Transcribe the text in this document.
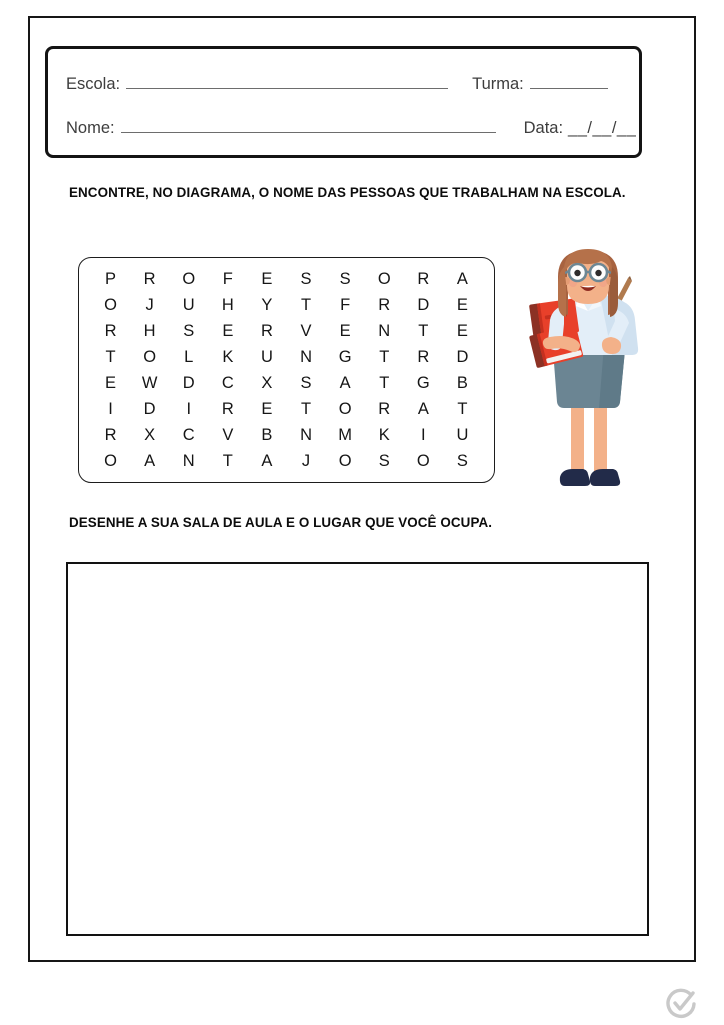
Escola:	Turma:
Nome:	Data: __/__/__
ENCONTRE, NO DIAGRAMA, O NOME DAS PESSOAS QUE TRABALHAM NA ESCOLA.
P	R	O	F	E	S	S	O	R	A
O	J	U	H	Y	T	F	R	D	E
R	H	S	E	R	V	E	N	T	E
T	O	L	K	U	N	G	T	R	D
E	W	D	C	X	S	A	T	G	B
I	D	I	R	E	T	O	R	A	T
R	X	C	V	B	N	M	K	I	U
O	A	N	T	A	J	O	S	O	S
DESENHE A SUA SALA DE AULA E O LUGAR QUE VOCÊ OCUPA.
